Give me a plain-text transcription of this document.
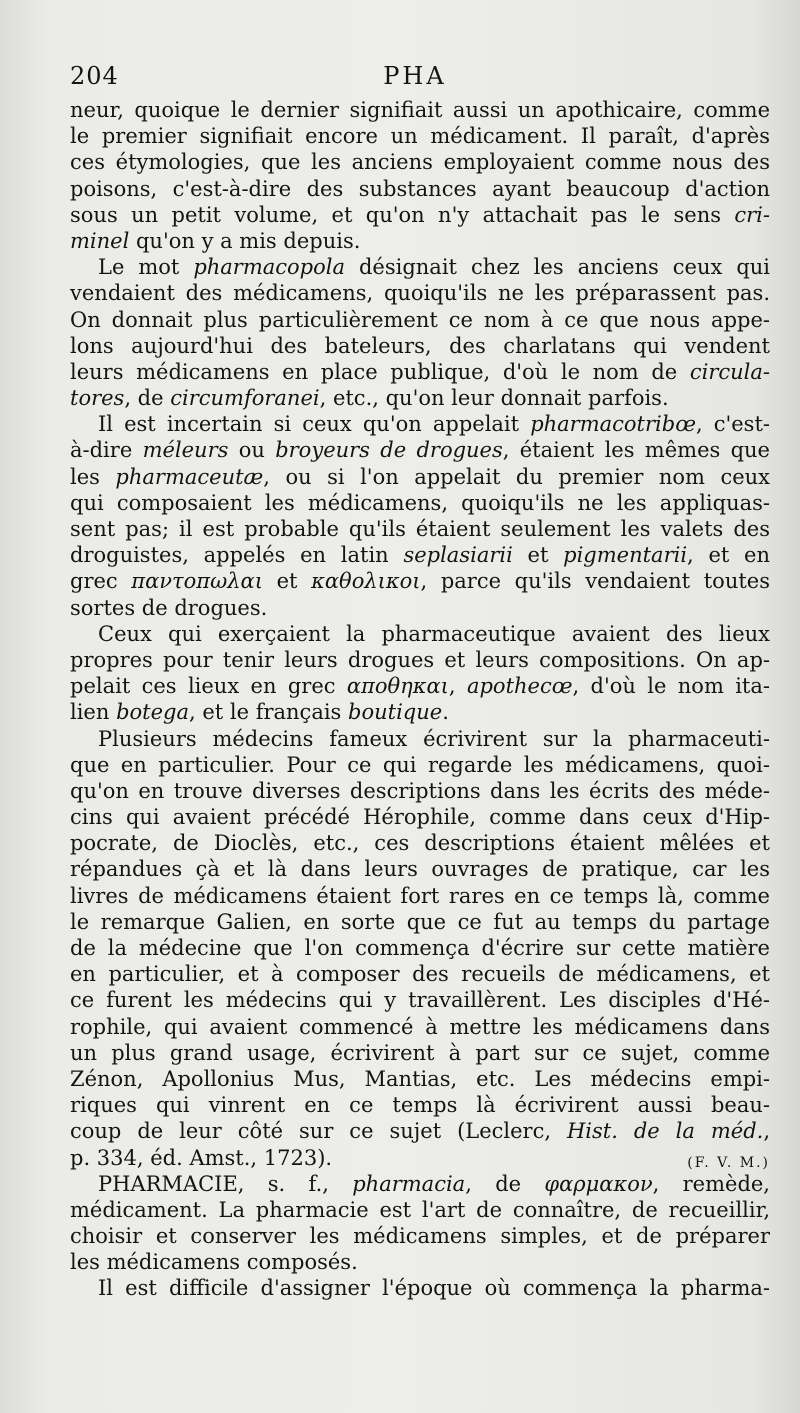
204	PHA
neur, quoique le dernier signifiait aussi un apothicaire, comme
le premier signifiait encore un médicament. Il paraît, d'après
ces étymologies, que les anciens employaient comme nous des
poisons, c'est-à-dire des substances ayant beaucoup d'action
sous un petit volume, et qu'on n'y attachait pas le sens cri-
minel qu'on y a mis depuis.
Le mot pharmacopola désignait chez les anciens ceux qui
vendaient des médicamens, quoiqu'ils ne les préparassent pas.
On donnait plus particulièrement ce nom à ce que nous appe-
lons aujourd'hui des bateleurs, des charlatans qui vendent
leurs médicamens en place publique, d'où le nom de circula-
tores, de circumforanei, etc., qu'on leur donnait parfois.
Il est incertain si ceux qu'on appelait pharmacotribœ, c'est-
à-dire méleurs ou broyeurs de drogues, étaient les mêmes que
les pharmaceutæ, ou si l'on appelait du premier nom ceux
qui composaient les médicamens, quoiqu'ils ne les appliquas-
sent pas; il est probable qu'ils étaient seulement les valets des
droguistes, appelés en latin seplasiarii et pigmentarii, et en
grec παντοπωλαι et καθολικοι, parce qu'ils vendaient toutes
sortes de drogues.
Ceux qui exerçaient la pharmaceutique avaient des lieux
propres pour tenir leurs drogues et leurs compositions. On ap-
pelait ces lieux en grec αποθηκαι, apothecœ, d'où le nom ita-
lien botega, et le français boutique.
Plusieurs médecins fameux écrivirent sur la pharmaceuti-
que en particulier. Pour ce qui regarde les médicamens, quoi-
qu'on en trouve diverses descriptions dans les écrits des méde-
cins qui avaient précédé Hérophile, comme dans ceux d'Hip-
pocrate, de Dioclès, etc., ces descriptions étaient mêlées et
répandues çà et là dans leurs ouvrages de pratique, car les
livres de médicamens étaient fort rares en ce temps là, comme
le remarque Galien, en sorte que ce fut au temps du partage
de la médecine que l'on commença d'écrire sur cette matière
en particulier, et à composer des recueils de médicamens, et
ce furent les médecins qui y travaillèrent. Les disciples d'Hé-
rophile, qui avaient commencé à mettre les médicamens dans
un plus grand usage, écrivirent à part sur ce sujet, comme
Zénon, Apollonius Mus, Mantias, etc. Les médecins empi-
riques qui vinrent en ce temps là écrivirent aussi beau-
coup de leur côté sur ce sujet (Leclerc, Hist. de la méd.,
(F. V. M.)
p. 334, éd. Amst., 1723).
PHARMACIE, s. f., pharmacia, de φαρμακον, remède,
médicament. La pharmacie est l'art de connaître, de recueillir,
choisir et conserver les médicamens simples, et de préparer
les médicamens composés.
Il est difficile d'assigner l'époque où commença la pharma-
